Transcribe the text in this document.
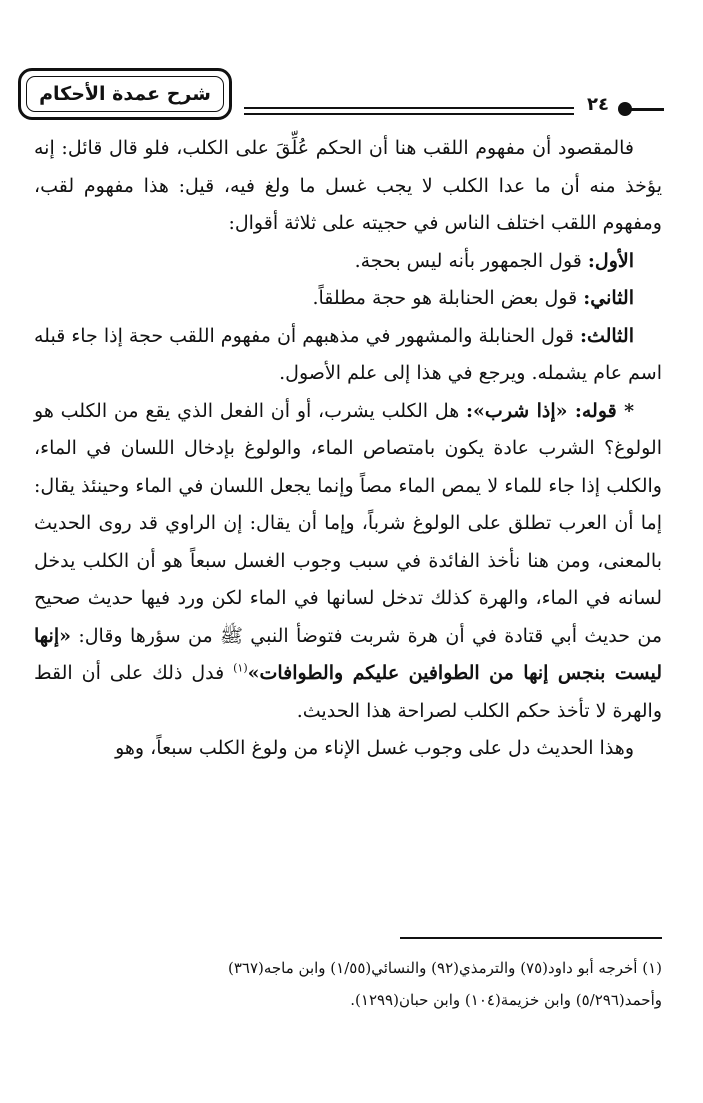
شرح عمدة الأحكام	٢٤

فالمقصود أن مفهوم اللقب هنا أن الحكم عُلِّقَ على الكلب، فلو قال قائل: إنه يؤخذ منه أن ما عدا الكلب لا يجب غسل ما ولغ فيه، قيل: هذا مفهوم لقب، ومفهوم اللقب اختلف الناس في حجيته على ثلاثة أقوال:

الأول: قول الجمهور بأنه ليس بحجة.

الثاني: قول بعض الحنابلة هو حجة مطلقاً.

الثالث: قول الحنابلة والمشهور في مذهبهم أن مفهوم اللقب حجة إذا جاء قبله اسم عام يشمله. ويرجع في هذا إلى علم الأصول.

* قوله: «إذا شرب»: هل الكلب يشرب، أو أن الفعل الذي يقع من الكلب هو الولوغ؟ الشرب عادة يكون بامتصاص الماء، والولوغ بإدخال اللسان في الماء، والكلب إذا جاء للماء لا يمص الماء مصاً وإنما يجعل اللسان في الماء وحينئذ يقال: إما أن العرب تطلق على الولوغ شرباً، وإما أن يقال: إن الراوي قد روى الحديث بالمعنى، ومن هنا نأخذ الفائدة في سبب وجوب الغسل سبعاً هو أن الكلب يدخل لسانه في الماء، والهرة كذلك تدخل لسانها في الماء لكن ورد فيها حديث صحيح من حديث أبي قتادة في أن هرة شربت فتوضأ النبي ﷺ من سؤرها وقال: «إنها ليست بنجس إنها من الطوافين عليكم والطوافات»$^{(١)}$ فدل ذلك على أن القط والهرة لا تأخذ حكم الكلب لصراحة هذا الحديث.

وهذا الحديث دل على وجوب غسل الإناء من ولوغ الكلب سبعاً، وهو

(١) أخرجه أبو داود(٧٥) والترمذي(٩٢) والنسائي(١/٥٥) وابن ماجه(٣٦٧)

وأحمد(٥/٢٩٦) وابن خزيمة(١٠٤) وابن حبان(١٢٩٩).
